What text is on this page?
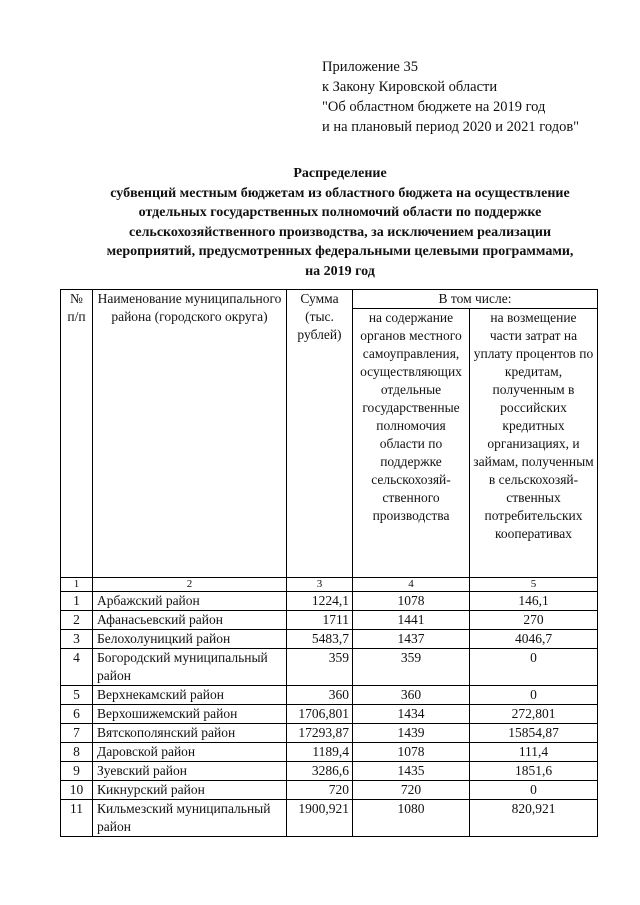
Приложение 35
к Закону Кировской области
"Об областном бюджете на 2019 год
и на плановый период 2020 и 2021 годов"
Распределение
субвенций местным бюджетам из областного бюджета на осуществление
отдельных государственных полномочий области по поддержке
сельскохозяйственного производства, за исключением реализации
мероприятий, предусмотренных федеральными целевыми программами,
на 2019 год
№ п/п	Наименование муниципального района (городского округа)	Сумма (тыс. рублей)	В том числе:	
			на содержание органов местного самоуправления, осуществляющих отдельные государственные полномочия области по поддержке сельскохозяй-ственного производства	на возмещение части затрат на уплату процентов по кредитам, полученным в российских кредитных организациях, и займам, полученным в сельскохозяй-ственных потребительских кооперативах
1	2	3	4	5
1	Арбажский район	1224,1	1078	146,1
2	Афанасьевский район	1711	1441	270
3	Белохолуницкий район	5483,7	1437	4046,7
4	Богородский муниципальный район	359	359	0
5	Верхнекамский район	360	360	0
6	Верхошижемский район	1706,801	1434	272,801
7	Вятскополянский район	17293,87	1439	15854,87
8	Даровской район	1189,4	1078	111,4
9	Зуевский район	3286,6	1435	1851,6
10	Кикнурский район	720	720	0
11	Кильмезский муниципальный район	1900,921	1080	820,921
